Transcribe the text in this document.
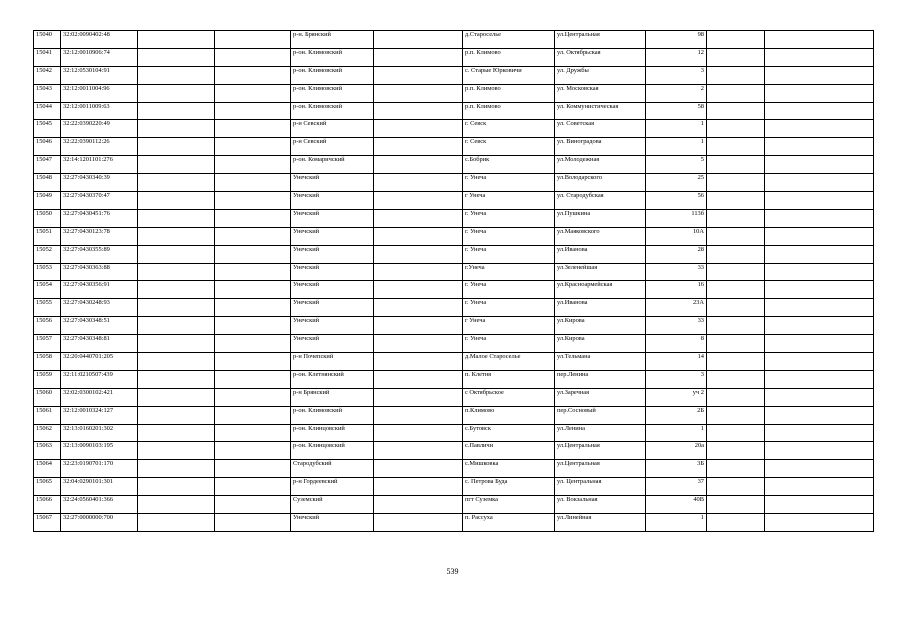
15040	32:02:0090402:48			р-н. Брянский		д.Староселье	ул.Центральная	98		
15041	32:12:0010906:74			р-он. Климовский		р.п. Климово	ул. Октябрьская	12		
15042	32:12:0530104:91			р-он. Климовский		с. Старые Юрковичи	ул. Дружбы	3		
15043	32:12:0011004:96			р-он. Климовский		р.п. Климово	ул. Московская	2		
15044	32:12:0011009:63			р-он. Климовский		р.п. Климово	ул. Коммунистическая	58		
15045	32:22:0390220:49			р-н Севский		г. Севск	ул. Советская	1		
15046	32:22:0390112:26			р-н Севский		г. Севск	ул. Виноградова	1		
15047	32:14:1201101:276			р-он. Комаричский		с.Бобрик	ул.Молодежная	5		
15048	32:27:0430340:39			Унечский		г. Унеча	ул.Володарского	25		
15049	32:27:0430370:47			Унечский		г Унеча	ул. Стародубская	56		
15050	32:27:0430451:76			Унечский		г. Унеча	ул.Пушкина	113б		
15051	32:27:0430123:78			Унечский		г. Унеча	ул.Маяковского	10А		
15052	32:27:0430355:89			Унечский		г. Унеча	ул.Иванова	28		
15053	32:27:0430363:88			Унечский		г.Унеча	ул.Зеленейшая	33		
15054	32:27:0430356:91			Унечский		г. Унеча	ул.Красноармейская	16		
15055	32:27:0430248:93			Унечский		г. Унеча	ул.Иванова	23А		
15056	32:27:0430348:51			Унечский		г Унеча	ул.Кирова	33		
15057	32:27:0430348:81			Унечский		г. Унеча	ул.Кирова	8		
15058	32:20:0440701:205			р-н Почепский		д.Малое Староселье	ул.Тельмана	14		
15059	32:11:0210507:439			р-он. Клетнянский		п. Клетня	пер.Ленина	3		
15060	32:02:0300102:421			р-н Брянский		с Октябрьское	ул.Заречная	уч 2		
15061	32:12:0010324:127			р-он. Климовский		п.Климово	пер.Сосновый	2Б		
15062	32:13:0160201:302			р-он. Клинцовский		с.Бутовск	ул.Ленина	1		
15063	32:13:0090103:195			р-он. Клинцовский		с.Павличи	ул.Центральная	20а		
15064	32:23:0190701:170			Стародубский		с.Мишковка	ул.Центральная	3Б		
15065	32:04:0290101:301			р-н Гордеевский		с. Петрова Буда	ул. Центральная	37		
15066	32:24:0560401:366			Суземский		пгт Суземка	ул. Вокзальная	40В		
15067	32:27:0000000:700			Унечский		п. Рассуха	ул.Линейная	1		
539
